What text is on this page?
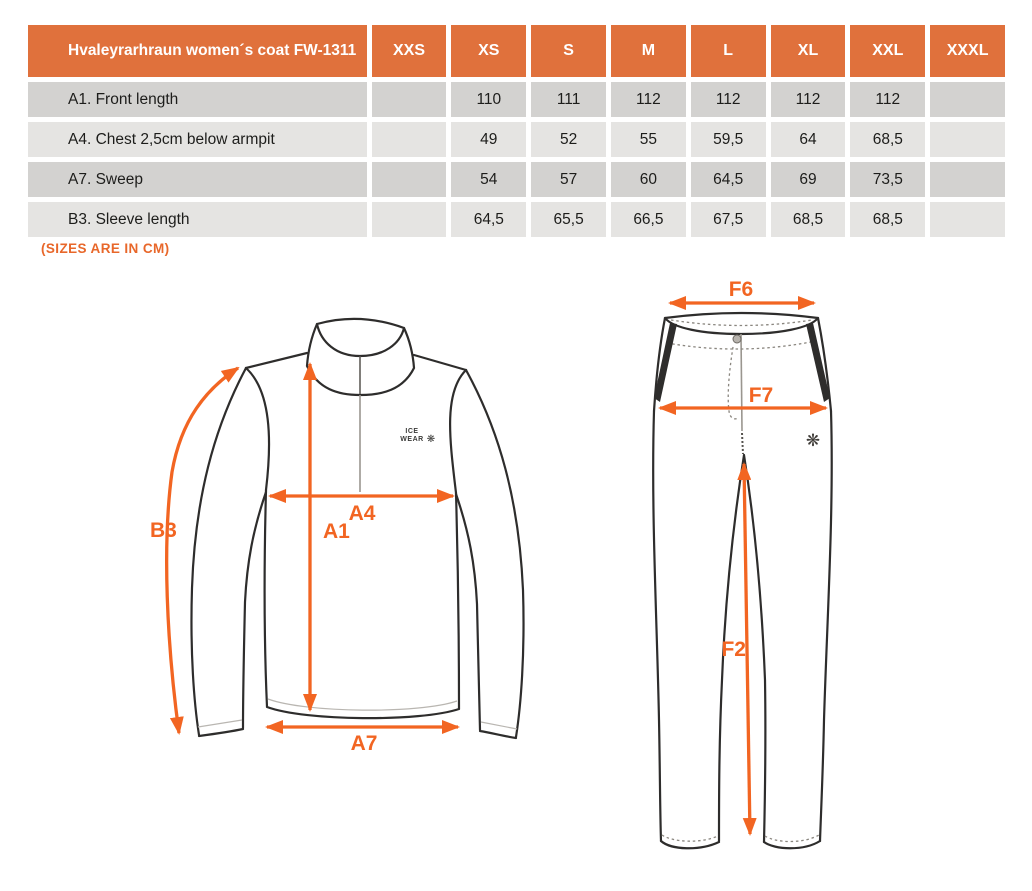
Hvaleyrarhraun women´s coat FW-1311	XXS	XS	S	M	L	XL	XXL	XXXL
A1. Front length		110	111	112	112	112	112	
A4. Chest 2,5cm below armpit		49	52	55	59,5	64	68,5	
A7. Sweep		54	57	60	64,5	69	73,5	
B3. Sleeve length		64,5	65,5	66,5	67,5	68,5	68,5	
(SIZES ARE IN CM)
ICE
WEAR ❋
B3
A4
A1
A7
❋
F6
F7
F2
